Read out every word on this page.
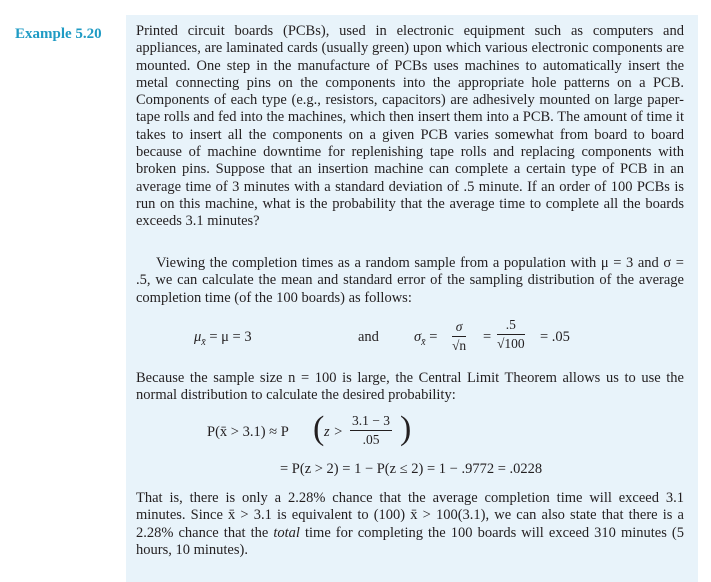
Example 5.20 Printed circuit boards (PCBs), used in electronic equipment such as computers and appliances, are laminated cards (usually green) upon which various electronic components are mounted. One step in the manufacture of PCBs uses machines to automatically insert the metal connecting pins on the components into the appropriate hole patterns on a PCB. Components of each type (e.g., resistors, capacitors) are adhesively mounted on large paper-tape rolls and fed into the machines, which then insert them into a PCB. The amount of time it takes to insert all the components on a given PCB varies somewhat from board to board because of machine downtime for replenishing tape rolls and replacing components with broken pins. Suppose that an insertion machine can complete a certain type of PCB in an average time of 3 minutes with a standard deviation of .5 minute. If an order of 100 PCBs is run on this machine, what is the probability that the average time to complete all the boards exceeds 3.1 minutes?
Viewing the completion times as a random sample from a population with μ = 3 and σ = .5, we can calculate the mean and standard error of the sampling distribution of the average completion time (of the 100 boards) as follows:
$\mu_{x̄} = \mu = 3$	and $\sigma_{x̄} = \frac{\sigma}{√n} = \frac{.5}{√100} = .05$
Because the sample size n = 100 is large, the Central Limit Theorem allows us to use the normal distribution to calculate the desired probability:
P(x̄ > 3.1) ≈ P ( $z > \frac{3.1 - 3}{.05}$ )
= P(z > 2) = 1 − P(z ≤ 2) = 1 − .9772 = .0228
That is, there is only a 2.28% chance that the average completion time will exceed 3.1 minutes. Since x̄ > 3.1 is equivalent to (100) x̄ > 100(3.1), we can also state that there is a 2.28% chance that the total time for completing the 100 boards will exceed 310 minutes (5 hours, 10 minutes).
